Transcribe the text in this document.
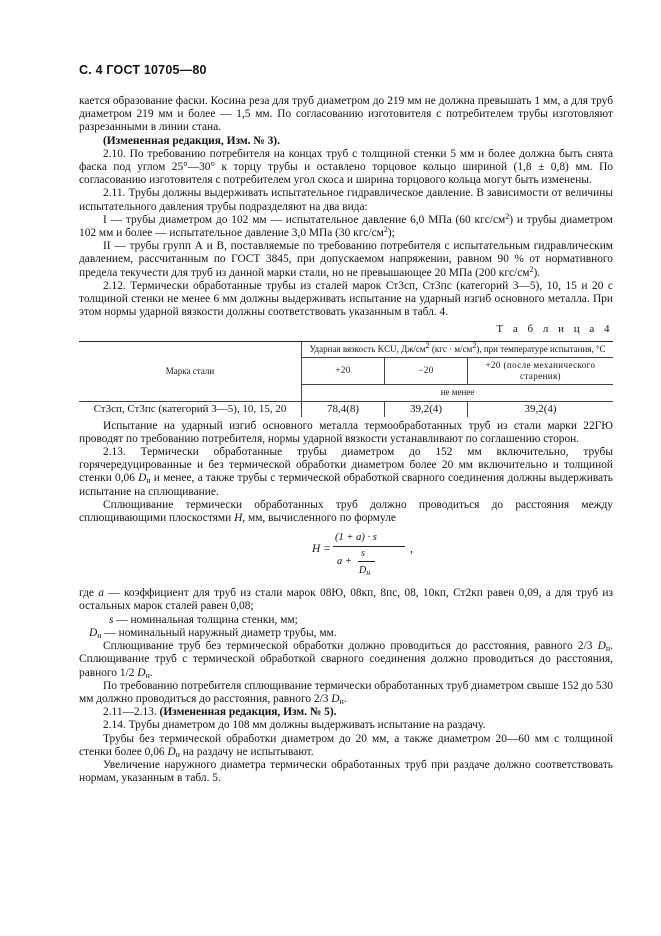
С. 4 ГОСТ 10705—80

кается образование фаски. Косина реза для труб диаметром до 219 мм не должна превышать 1 мм, а для труб диаметром 219 мм и более — 1,5 мм. По согласованию изготовителя с потребителем трубы изготовляют разрезанными в линии стана.

(Измененная редакция, Изм. № 3).

2.10. По требованию потребителя на концах труб с толщиной стенки 5 мм и более должна быть снята фаска под углом 25°—30° к торцу трубы и оставлено торцовое кольцо шириной (1,8 ± 0,8) мм. По согласованию изготовителя с потребителем угол скоса и ширина торцового кольца могут быть изменены.

2.11. Трубы должны выдерживать испытательное гидравлическое давление. В зависимости от величины испытательного давления трубы подразделяют на два вида:

I — трубы диаметром до 102 мм — испытательное давление 6,0 МПа (60 кгс/$см^2$) и трубы диаметром 102 мм и более — испытательное давление 3,0 МПа (30 кгс/$см^2$);

II — трубы групп А и В, поставляемые по требованию потребителя с испытательным гидравлическим давлением, рассчитанным по ГОСТ 3845, при допускаемом напряжении, равном 90 % от нормативного предела текучести для труб из данной марки стали, но не превышающее 20 МПа (200 кгс/$см^2$).

2.12. Термически обработанные трубы из сталей марок Ст3сп, Ст3пс (категорий 3—5), 10, 15 и 20 с толщиной стенки не менее 6 мм должны выдерживать испытание на ударный изгиб основного металла. При этом нормы ударной вязкости должны соответствовать указанным в табл. 4.

Т а б л и ц а 4
Марка стали	Ударная вязкость KCU, $Дж/см^2$ $(кгс \cdot м/см^2)$, при температуре испытания, °С		
	+20	−20	+20 (после механического старения)
	не менее		
Ст3сп, Ст3пс (категорий 3—5), 10, 15, 20	78,4(8)	39,2(4)	39,2(4)

Испытание на ударный изгиб основного металла термообработанных труб из стали марки 22ГЮ проводят по требованию потребителя, нормы ударной вязкости устанавливают по соглашению сторон.

2.13. Термически обработанные трубы диаметром до 152 мм включительно, трубы горячередуцированные и без термической обработки диаметром более 20 мм включительно и толщиной стенки 0,06 $D_н$ и менее, а также трубы с термической обработкой сварного соединения должны выдерживать испытание на сплющивание.

Сплющивание термически обработанных труб должно проводиться до расстояния между сплющивающими плоскостями H, мм, вычисленного по формуле

H =
(1 + a) · s
a +
s
$D_н$
,

где a — коэффициент для труб из стали марок 08Ю, 08кп, 8пс, 08, 10кп, Ст2кп равен 0,09, а для труб из остальных марок сталей равен 0,08;

s — номинальная толщина стенки, мм;

$D_н$ — номинальный наружный диаметр трубы, мм.

Сплющивание труб без термической обработки должно проводиться до расстояния, равного 2/3 $D_н$. Сплющивание труб с термической обработкой сварного соединения должно проводиться до расстояния, равного 1/2 $D_н$.

По требованию потребителя сплющивание термически обработанных труб диаметром свыше 152 до 530 мм должно проводиться до расстояния, равного 2/3 $D_н$.

2.11—2.13. (Измененная редакция, Изм. № 5).

2.14. Трубы диаметром до 108 мм должны выдерживать испытание на раздачу.

Трубы без термической обработки диаметром до 20 мм, а также диаметром 20—60 мм с толщиной стенки более 0,06 $D_н$ на раздачу не испытывают.

Увеличение наружного диаметра термически обработанных труб при раздаче должно соответствовать нормам, указанным в табл. 5.
